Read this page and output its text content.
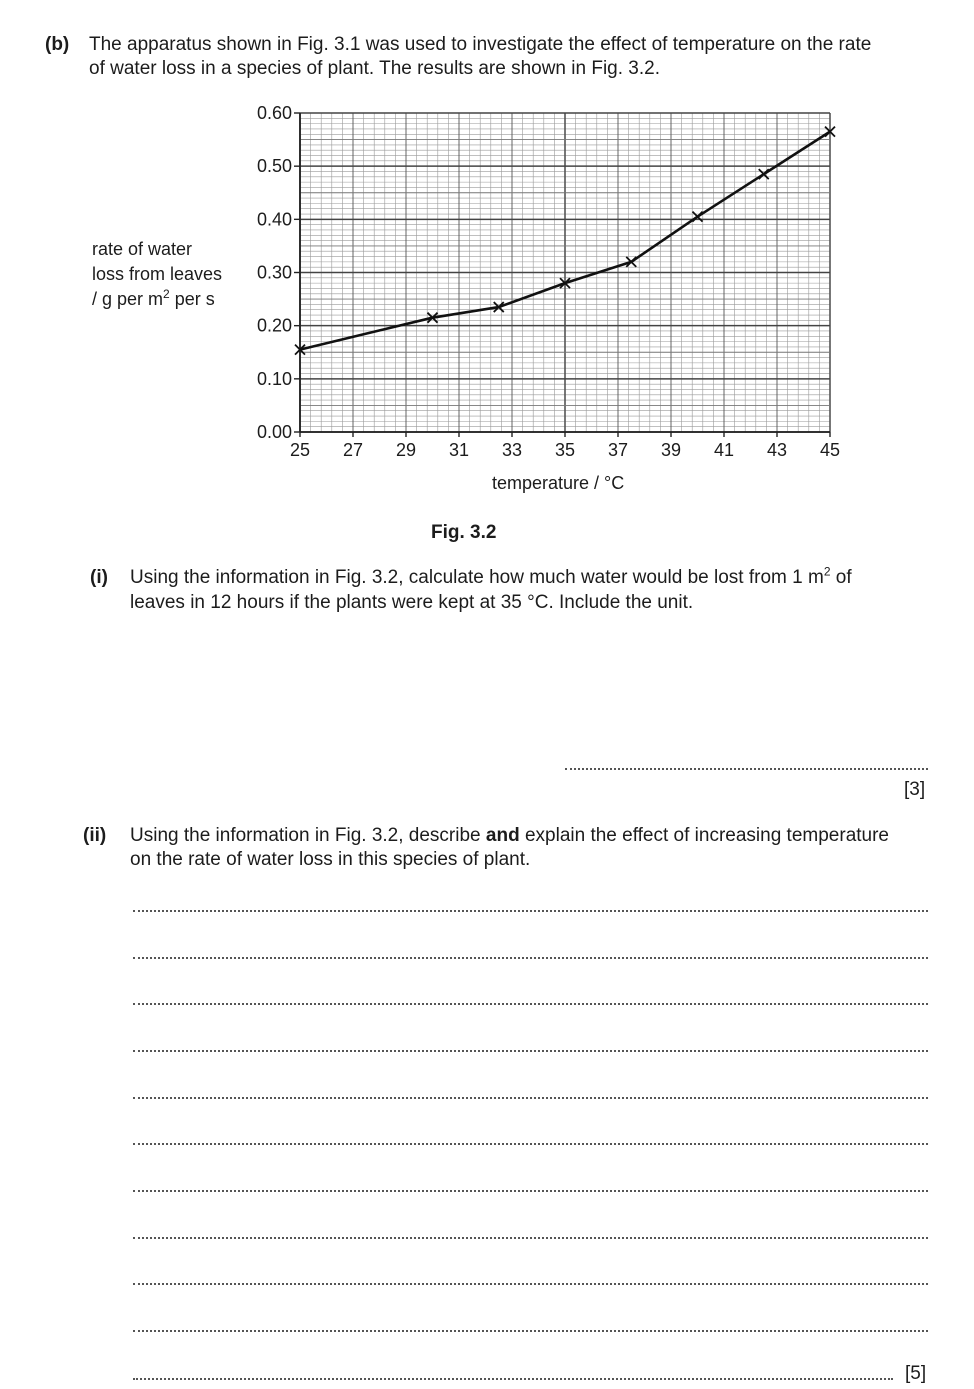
(b) The apparatus shown in Fig. 3.1 was used to investigate the effect of temperature on the rate
of water loss in a species of plant. The results are shown in Fig. 3.2.
rate of water
loss from leaves
/ g per $m^2$ per s
25 27 29 31 33 35 37 39 41 43 45
0.00
0.10
0.20
0.30
0.40
0.50
0.60
temperature / °C
Fig. 3.2
(i) Using the information in Fig. 3.2, calculate how much water would be lost from 1 $m^2$ of
leaves in 12 hours if the plants were kept at 35 °C. Include the unit.
[3]
(ii) Using the information in Fig. 3.2, describe and explain the effect of increasing temperature
on the rate of water loss in this species of plant.
[5]
